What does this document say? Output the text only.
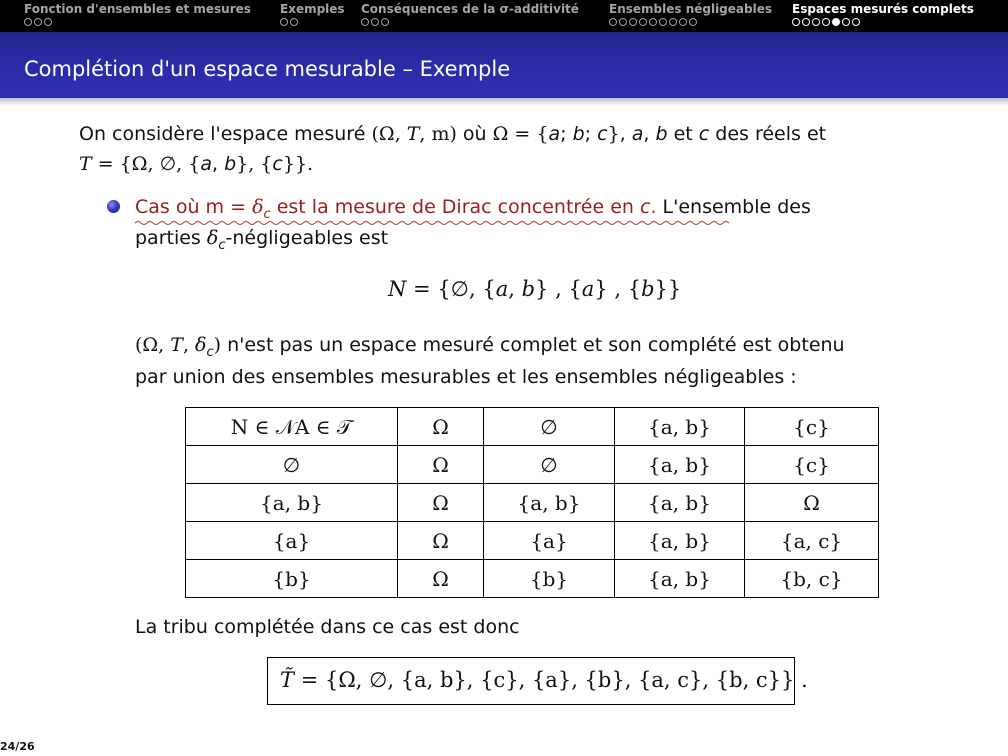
Fonction d'ensembles et mesures Exemples Conséquences de la σ-additivité	Ensembles négligeables Espaces mesurés complets
Complétion d'un espace mesurable – Exemple
On considère l'espace mesuré (Ω, T, m) où Ω = {a; b; c}, a, b et c des réels et
T = {Ω, ∅, {a, b}, {c}}.
Cas où $m = \delta_c$ est la mesure de Dirac concentrée en c. L'ensemble des
parties $\delta_c$-négligeables est
N = {∅, {a, b} , {a} , {b}}
(Ω, T, $\delta_c$) n'est pas un espace mesuré complet et son complété est obtenu
par union des ensembles mesurables et les ensembles négligeables :
N ∈ 𝒩A ∈ 𝒯	Ω	∅	{a, b}	{c}
∅	Ω	∅	{a, b}	{c}
{a, b}	Ω	{a, b}	{a, b}	Ω
{a}	Ω	{a}	{a, b}	{a, c}
{b}	Ω	{b}	{a, b}	{b, c}
La tribu complétée dans ce cas est donc
T̃ = {Ω, ∅, {a, b}, {c}, {a}, {b}, {a, c}, {b, c}} .
24/26
